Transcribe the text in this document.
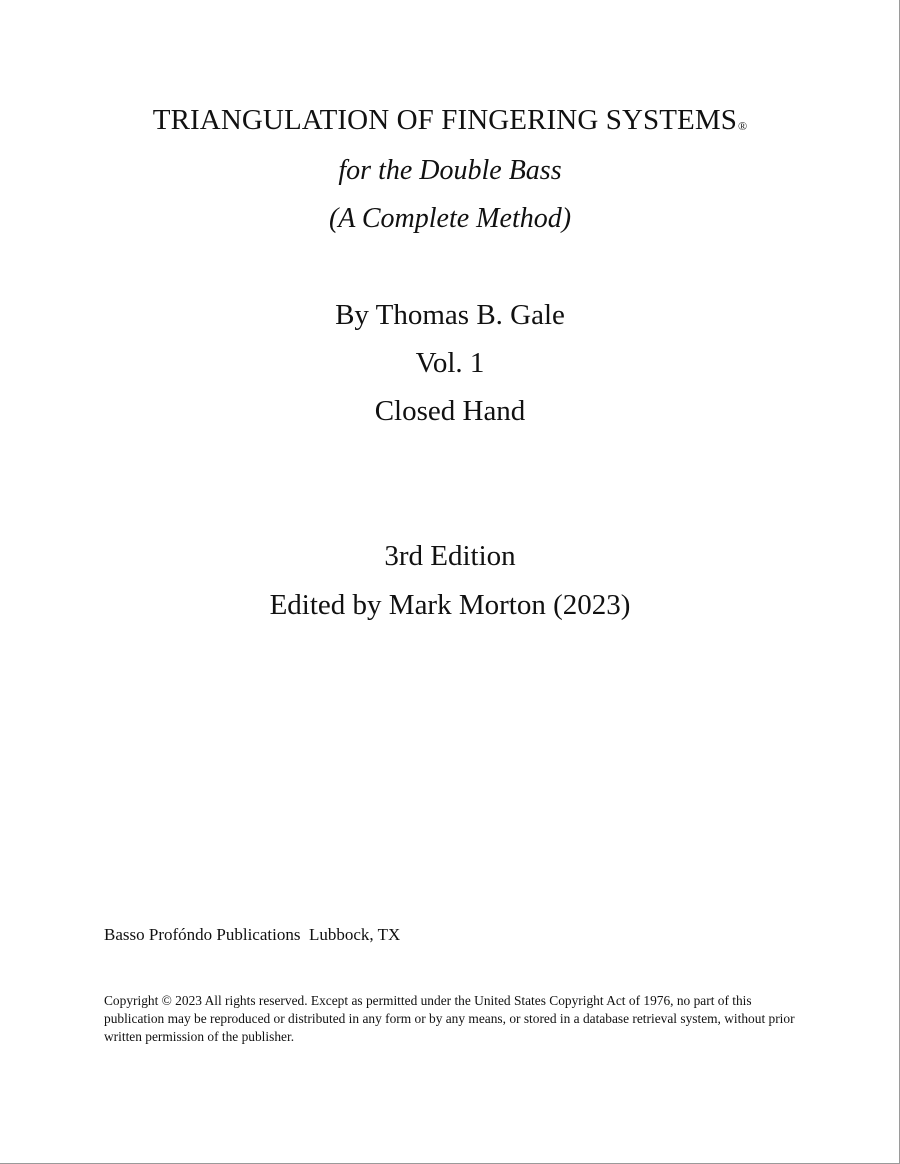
TRIANGULATION OF FINGERING SYSTEMS®
for the Double Bass
(A Complete Method)
By Thomas B. Gale
Vol. 1
Closed Hand
3rd Edition
Edited by Mark Morton (2023)
Basso Profóndo Publications  Lubbock, TX
Copyright © 2023 All rights reserved. Except as permitted under the United States Copyright Act of 1976, no part of this publication may be reproduced or distributed in any form or by any means, or stored in a database retrieval system, without prior written permission of the publisher.
